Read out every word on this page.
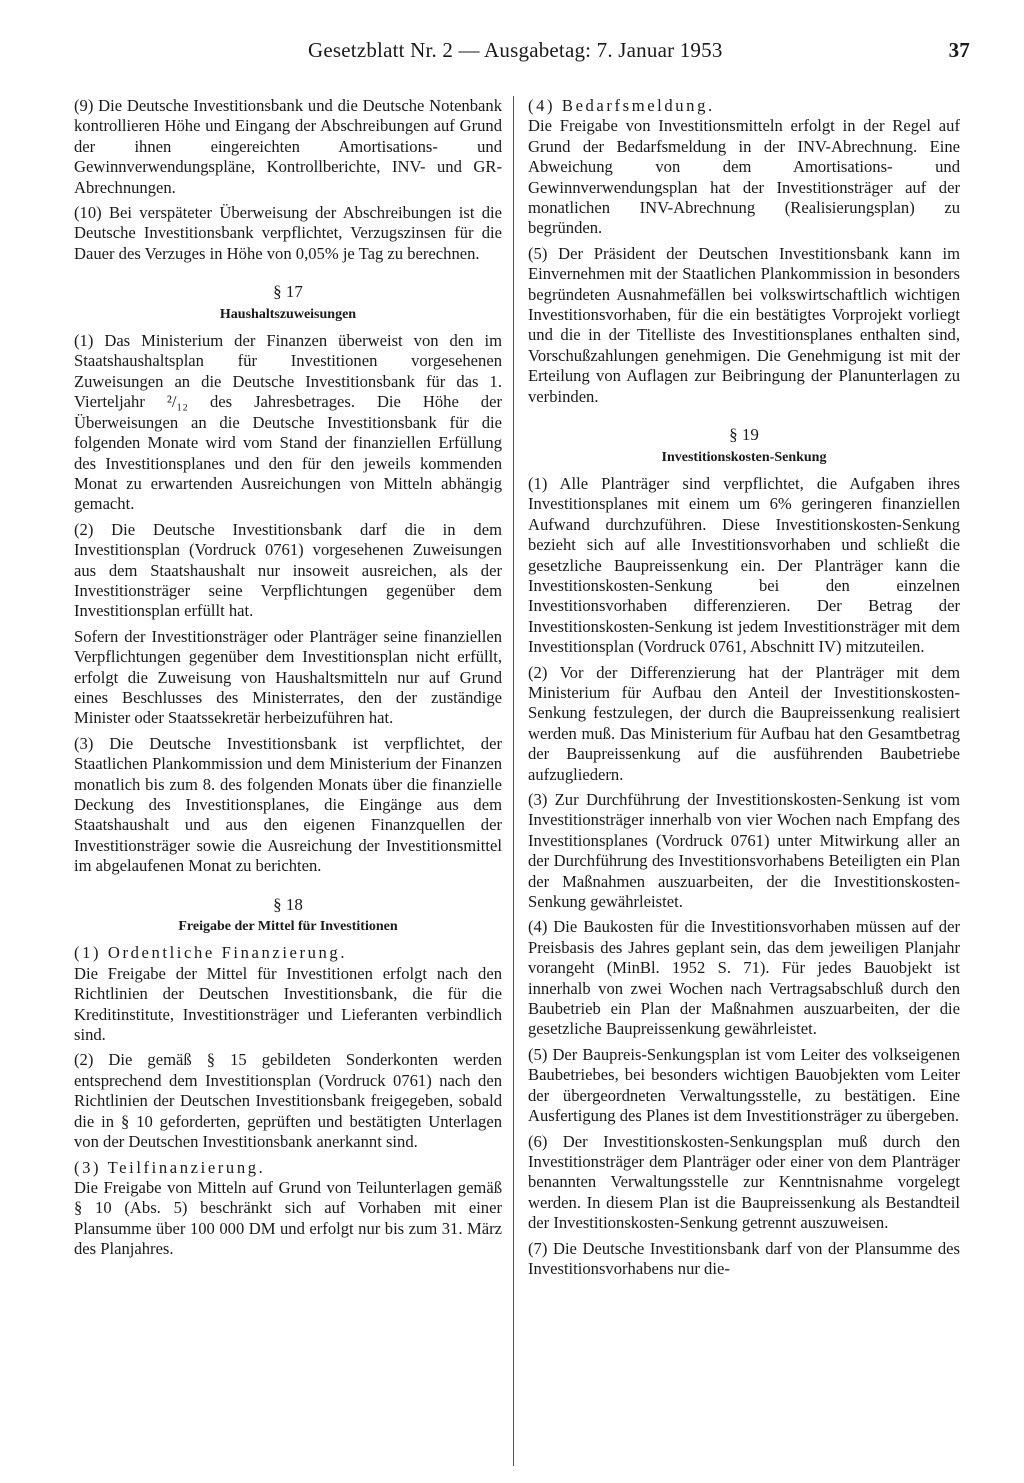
Gesetzblatt Nr. 2 — Ausgabetag: 7. Januar 1953	37

(9) Die Deutsche Investitionsbank und die Deutsche Notenbank kontrollieren Höhe und Eingang der Abschreibungen auf Grund der ihnen eingereichten Amortisations- und Gewinnverwendungspläne, Kontrollberichte, INV- und GR-Abrechnungen.

(10) Bei verspäteter Überweisung der Abschreibungen ist die Deutsche Investitionsbank verpflichtet, Verzugszinsen für die Dauer des Verzuges in Höhe von 0,05% je Tag zu berechnen.

§ 17
Haushaltszuweisungen

(1) Das Ministerium der Finanzen überweist von den im Staatshaushaltsplan für Investitionen vorgesehenen Zuweisungen an die Deutsche Investitionsbank für das 1. Vierteljahr ²/₁₂ des Jahresbetrages. Die Höhe der Überweisungen an die Deutsche Investitionsbank für die folgenden Monate wird vom Stand der finanziellen Erfüllung des Investitionsplanes und den für den jeweils kommenden Monat zu erwartenden Ausreichungen von Mitteln abhängig gemacht.

(2) Die Deutsche Investitionsbank darf die in dem Investitionsplan (Vordruck 0761) vorgesehenen Zuweisungen aus dem Staatshaushalt nur insoweit ausreichen, als der Investitionsträger seine Verpflichtungen gegenüber dem Investitionsplan erfüllt hat.

Sofern der Investitionsträger oder Planträger seine finanziellen Verpflichtungen gegenüber dem Investitionsplan nicht erfüllt, erfolgt die Zuweisung von Haushaltsmitteln nur auf Grund eines Beschlusses des Ministerrates, den der zuständige Minister oder Staatssekretär herbeizuführen hat.

(3) Die Deutsche Investitionsbank ist verpflichtet, der Staatlichen Plankommission und dem Ministerium der Finanzen monatlich bis zum 8. des folgenden Monats über die finanzielle Deckung des Investitionsplanes, die Eingänge aus dem Staatshaushalt und aus den eigenen Finanzquellen der Investitionsträger sowie die Ausreichung der Investitionsmittel im abgelaufenen Monat zu berichten.

§ 18
Freigabe der Mittel für Investitionen

(1) Ordentliche Finanzierung.

Die Freigabe der Mittel für Investitionen erfolgt nach den Richtlinien der Deutschen Investitionsbank, die für die Kreditinstitute, Investitionsträger und Lieferanten verbindlich sind.

(2) Die gemäß § 15 gebildeten Sonderkonten werden entsprechend dem Investitionsplan (Vordruck 0761) nach den Richtlinien der Deutschen Investitionsbank freigegeben, sobald die in § 10 geforderten, geprüften und bestätigten Unterlagen von der Deutschen Investitionsbank anerkannt sind.

(3) Teilfinanzierung.

Die Freigabe von Mitteln auf Grund von Teilunterlagen gemäß § 10 (Abs. 5) beschränkt sich auf Vorhaben mit einer Plansumme über 100 000 DM und erfolgt nur bis zum 31. März des Planjahres.

(4) Bedarfsmeldung.

Die Freigabe von Investitionsmitteln erfolgt in der Regel auf Grund der Bedarfsmeldung in der INV-Abrechnung. Eine Abweichung von dem Amortisations- und Gewinnverwendungsplan hat der Investitionsträger auf der monatlichen INV-Abrechnung (Realisierungsplan) zu begründen.

(5) Der Präsident der Deutschen Investitionsbank kann im Einvernehmen mit der Staatlichen Plankommission in besonders begründeten Ausnahmefällen bei volkswirtschaftlich wichtigen Investitionsvorhaben, für die ein bestätigtes Vorprojekt vorliegt und die in der Titelliste des Investitionsplanes enthalten sind, Vorschußzahlungen genehmigen. Die Genehmigung ist mit der Erteilung von Auflagen zur Beibringung der Planunterlagen zu verbinden.

§ 19
Investitionskosten-Senkung

(1) Alle Planträger sind verpflichtet, die Aufgaben ihres Investitionsplanes mit einem um 6% geringeren finanziellen Aufwand durchzuführen. Diese Investitionskosten-Senkung bezieht sich auf alle Investitionsvorhaben und schließt die gesetzliche Baupreissenkung ein. Der Planträger kann die Investitionskosten-Senkung bei den einzelnen Investitionsvorhaben differenzieren. Der Betrag der Investitionskosten-Senkung ist jedem Investitionsträger mit dem Investitionsplan (Vordruck 0761, Abschnitt IV) mitzuteilen.

(2) Vor der Differenzierung hat der Planträger mit dem Ministerium für Aufbau den Anteil der Investitionskosten-Senkung festzulegen, der durch die Baupreissenkung realisiert werden muß. Das Ministerium für Aufbau hat den Gesamtbetrag der Baupreissenkung auf die ausführenden Baubetriebe aufzugliedern.

(3) Zur Durchführung der Investitionskosten-Senkung ist vom Investitionsträger innerhalb von vier Wochen nach Empfang des Investitionsplanes (Vordruck 0761) unter Mitwirkung aller an der Durchführung des Investitionsvorhabens Beteiligten ein Plan der Maßnahmen auszuarbeiten, der die Investitionskosten-Senkung gewährleistet.

(4) Die Baukosten für die Investitionsvorhaben müssen auf der Preisbasis des Jahres geplant sein, das dem jeweiligen Planjahr vorangeht (MinBl. 1952 S. 71). Für jedes Bauobjekt ist innerhalb von zwei Wochen nach Vertragsabschluß durch den Baubetrieb ein Plan der Maßnahmen auszuarbeiten, der die gesetzliche Baupreissenkung gewährleistet.

(5) Der Baupreis-Senkungsplan ist vom Leiter des volkseigenen Baubetriebes, bei besonders wichtigen Bauobjekten vom Leiter der übergeordneten Verwaltungsstelle, zu bestätigen. Eine Ausfertigung des Planes ist dem Investitionsträger zu übergeben.

(6) Der Investitionskosten-Senkungsplan muß durch den Investitionsträger dem Planträger oder einer von dem Planträger benannten Verwaltungsstelle zur Kenntnisnahme vorgelegt werden. In diesem Plan ist die Baupreissenkung als Bestandteil der Investitionskosten-Senkung getrennt auszuweisen.

(7) Die Deutsche Investitionsbank darf von der Plansumme des Investitionsvorhabens nur die-
